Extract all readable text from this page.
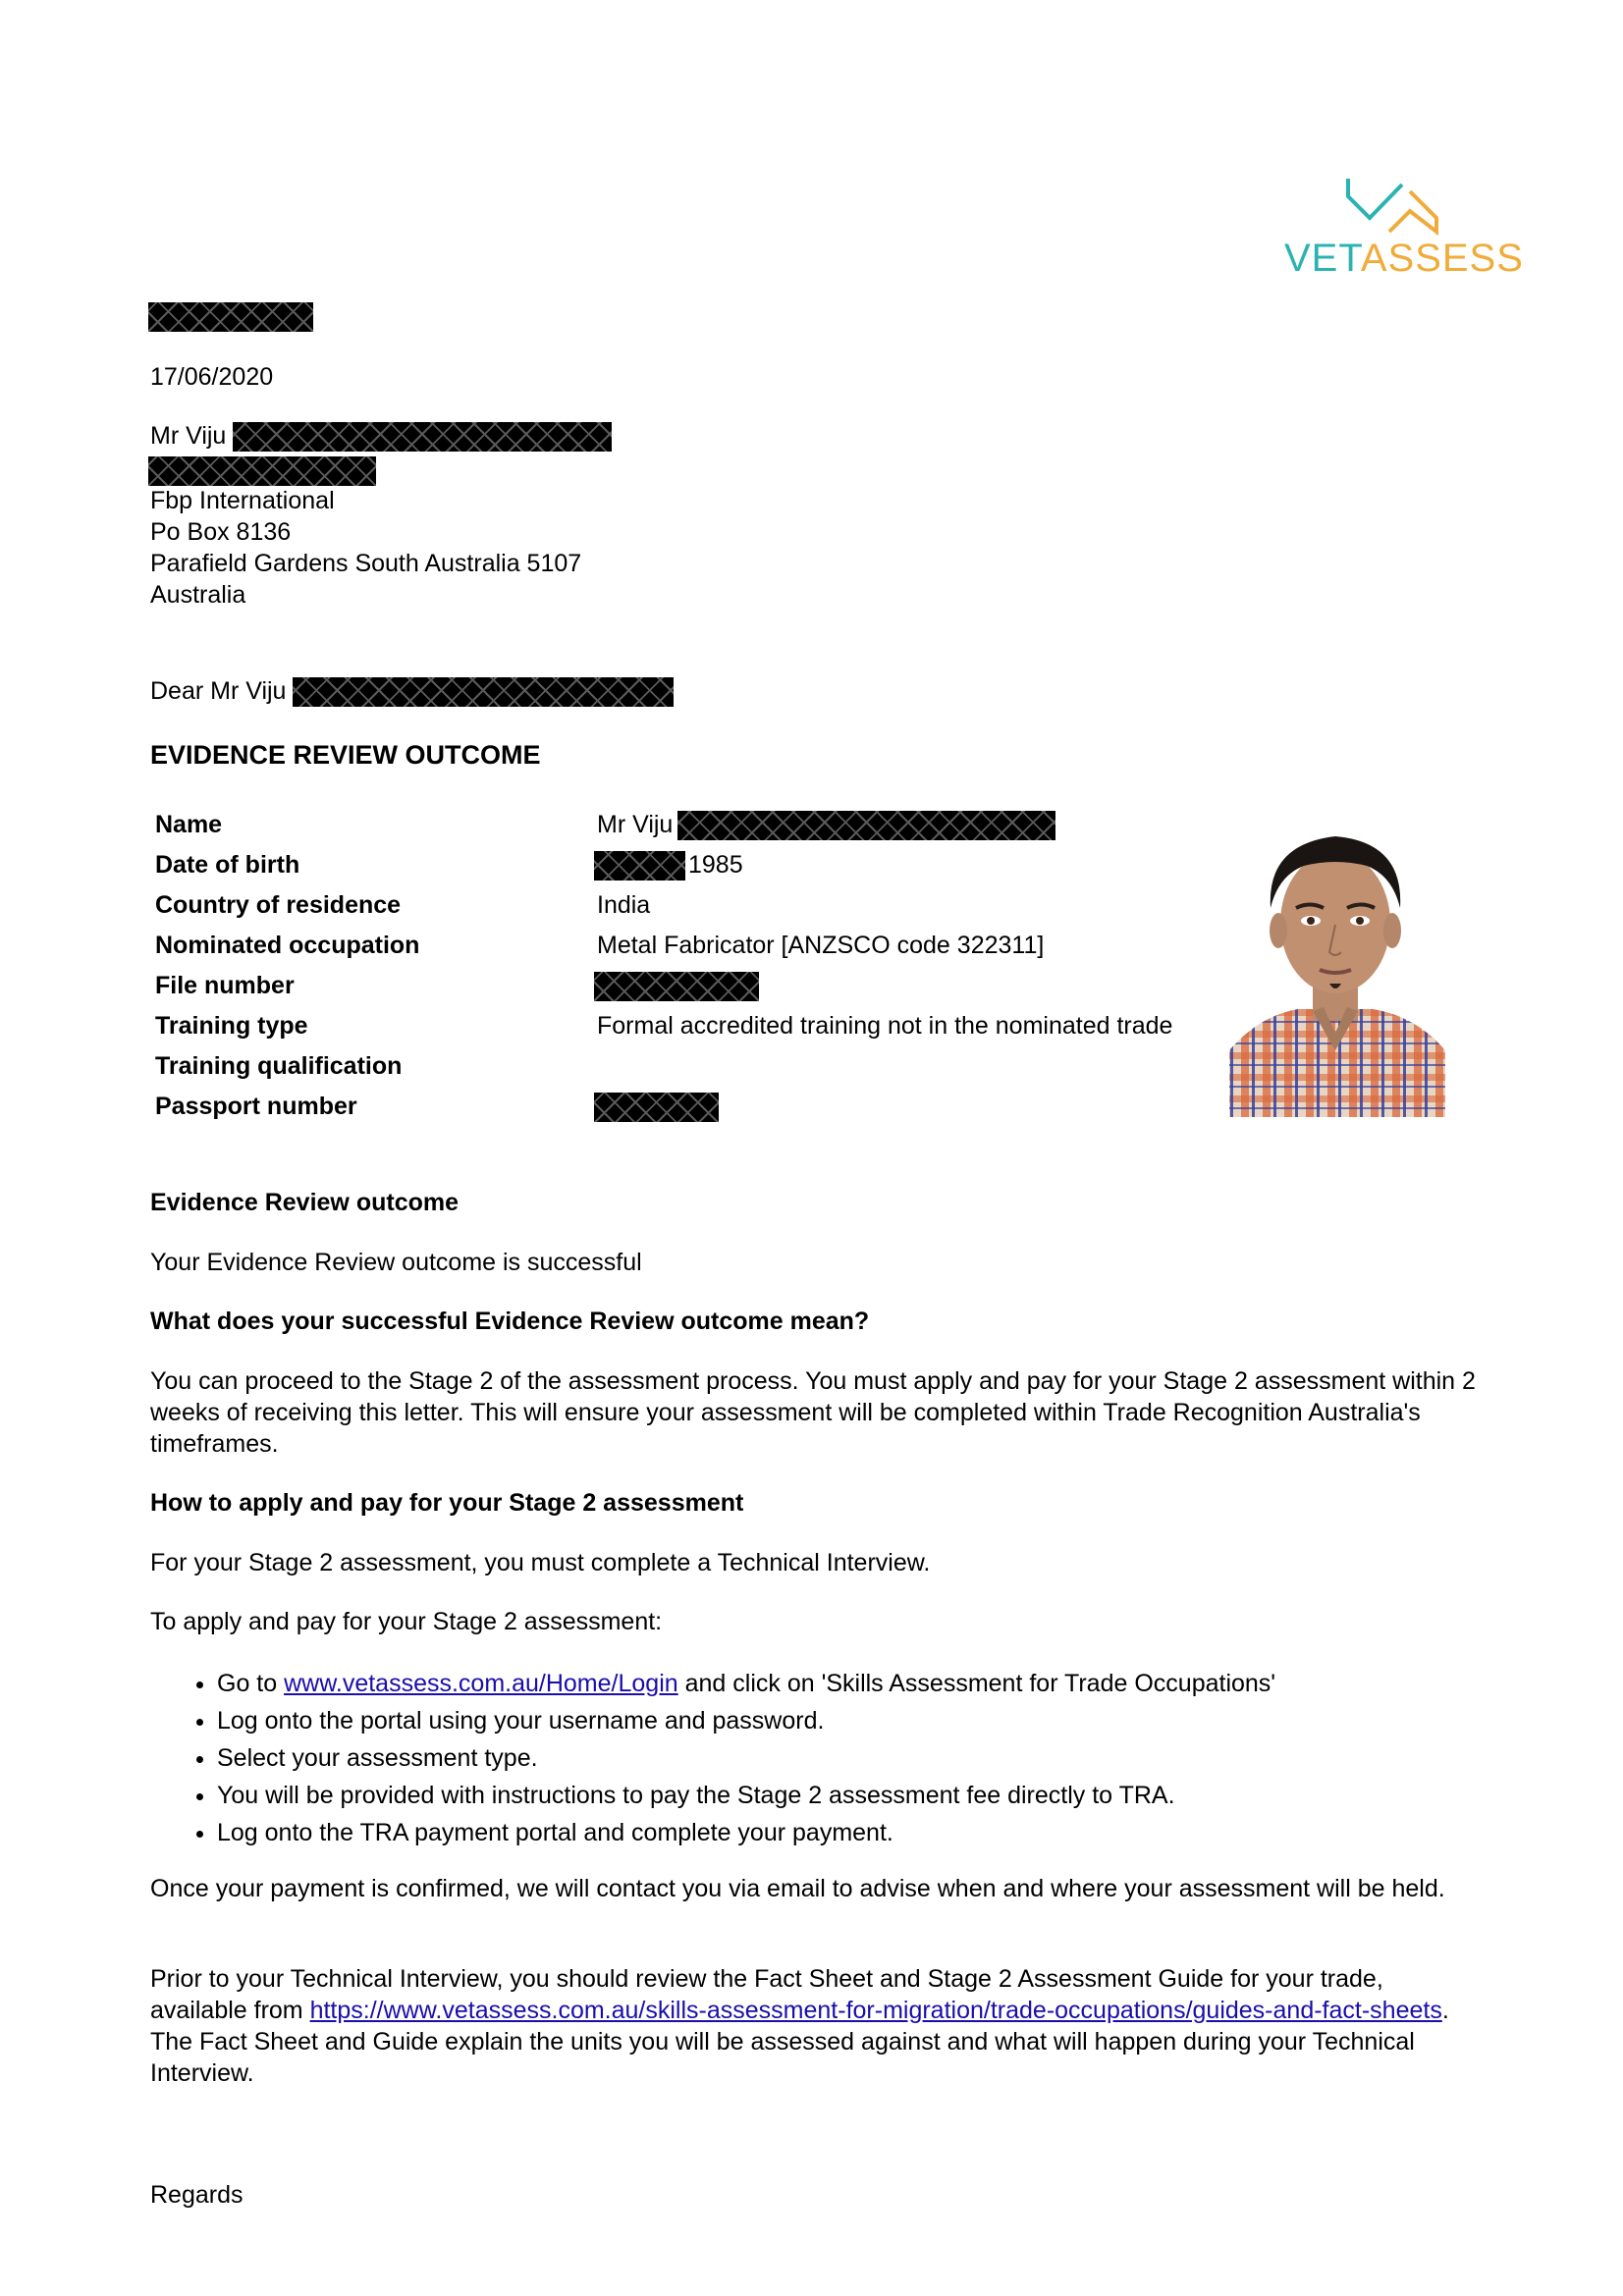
VETASSESS
17/06/2020
Mr Viju
Fbp International
Po Box 8136
Parafield Gardens South Australia 5107
Australia
Dear Mr Viju
EVIDENCE REVIEW OUTCOME
Name	Mr Viju
Date of birth	1985
Country of residence	India
Nominated occupation	Metal Fabricator [ANZSCO code 322311]
File number
Training type	Formal accredited training not in the nominated trade
Training qualification
Passport number
Evidence Review outcome
Your Evidence Review outcome is successful
What does your successful Evidence Review outcome mean?
You can proceed to the Stage 2 of the assessment process. You must apply and pay for your Stage 2 assessment within 2 weeks of receiving this letter. This will ensure your assessment will be completed within Trade Recognition Australia's timeframes.
How to apply and pay for your Stage 2 assessment
For your Stage 2 assessment, you must complete a Technical Interview.
To apply and pay for your Stage 2 assessment:
• Go to www.vetassess.com.au/Home/Login and click on 'Skills Assessment for Trade Occupations'
• Log onto the portal using your username and password.
• Select your assessment type.
• You will be provided with instructions to pay the Stage 2 assessment fee directly to TRA.
• Log onto the TRA payment portal and complete your payment.
Once your payment is confirmed, we will contact you via email to advise when and where your assessment will be held.
Prior to your Technical Interview, you should review the Fact Sheet and Stage 2 Assessment Guide for your trade, available from https://www.vetassess.com.au/skills-assessment-for-migration/trade-occupations/guides-and-fact-sheets. The Fact Sheet and Guide explain the units you will be assessed against and what will happen during your Technical Interview.
Regards
